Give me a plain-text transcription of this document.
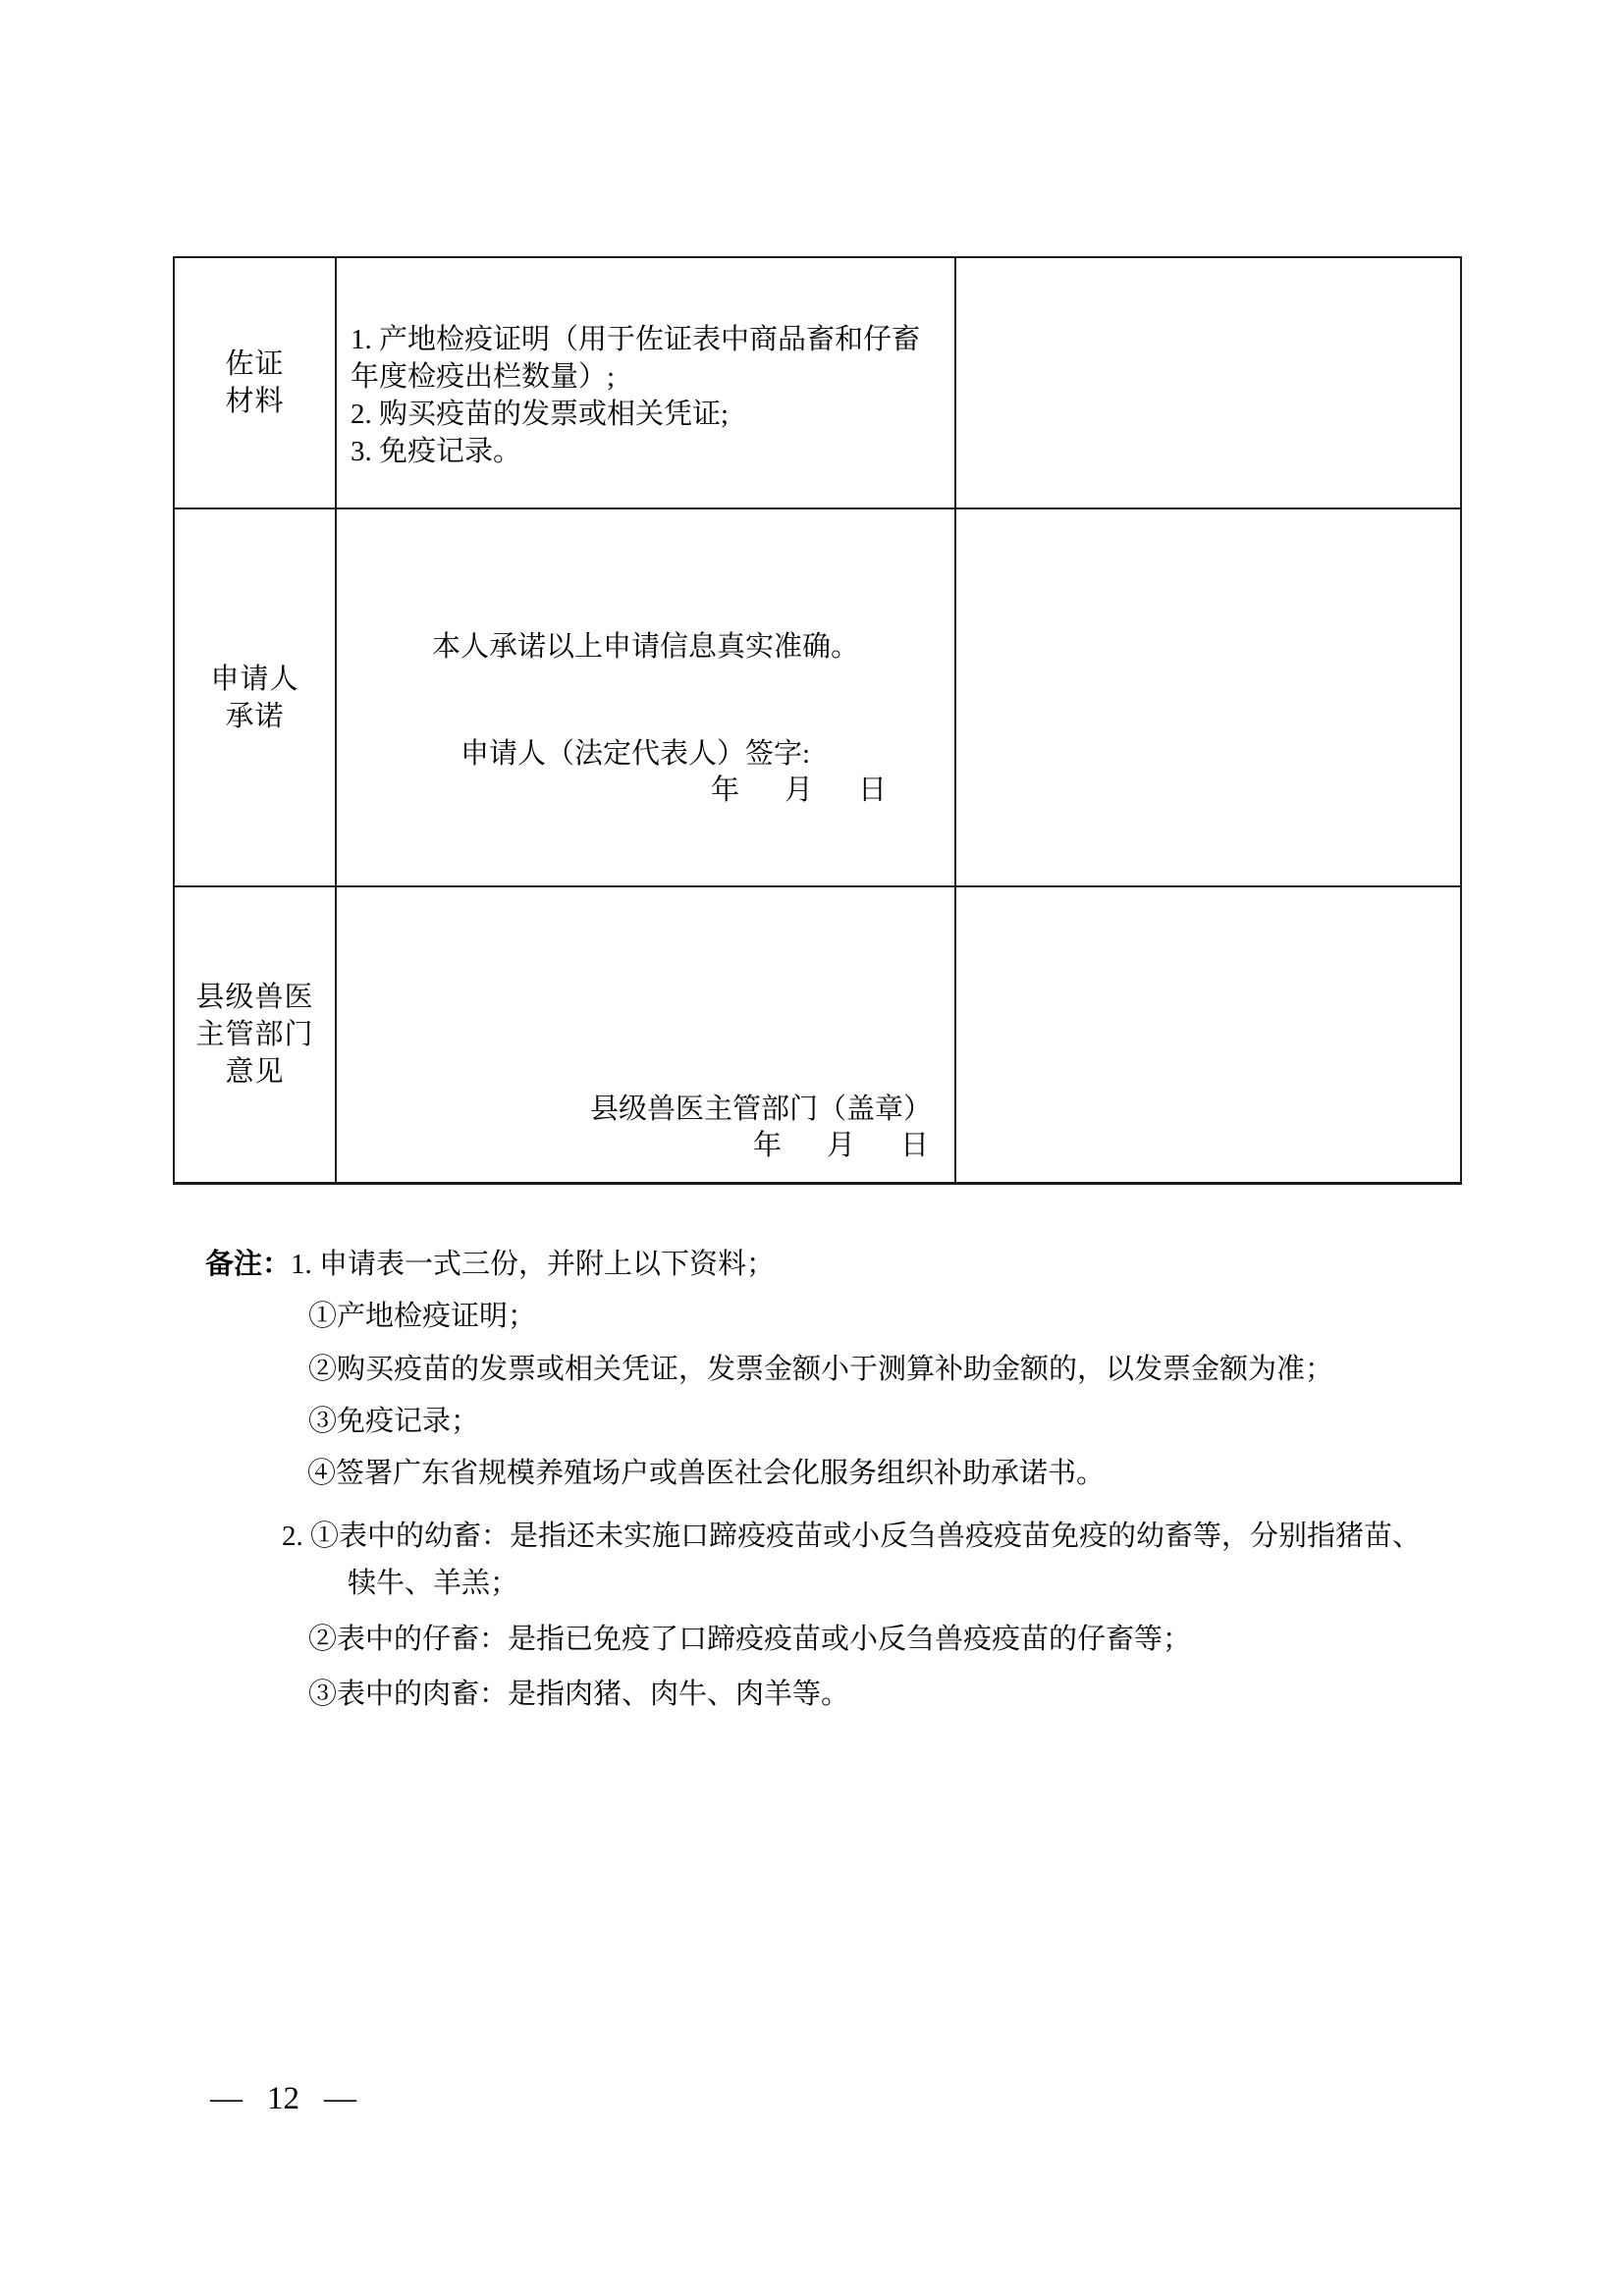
佐证
材料
1. 产地检疫证明（用于佐证表中商品畜和仔畜
年度检疫出栏数量）;
2. 购买疫苗的发票或相关凭证;
3. 免疫记录。
申请人
承诺
本人承诺以上申请信息真实准确。
申请人（法定代表人）签字:
年 月 日
县级兽医
主管部门
意见
县级兽医主管部门（盖章）
年 月 日
备注：1. 申请表一式三份，并附上以下资料；
①产地检疫证明；
②购买疫苗的发票或相关凭证，发票金额小于测算补助金额的，以发票金额为准；
③免疫记录；
④签署广东省规模养殖场户或兽医社会化服务组织补助承诺书。
2. ①表中的幼畜：是指还未实施口蹄疫疫苗或小反刍兽疫疫苗免疫的幼畜等，分别指猪苗、
犊牛、羊羔；
②表中的仔畜：是指已免疫了口蹄疫疫苗或小反刍兽疫疫苗的仔畜等；
③表中的肉畜：是指肉猪、肉牛、肉羊等。
— 12 —
